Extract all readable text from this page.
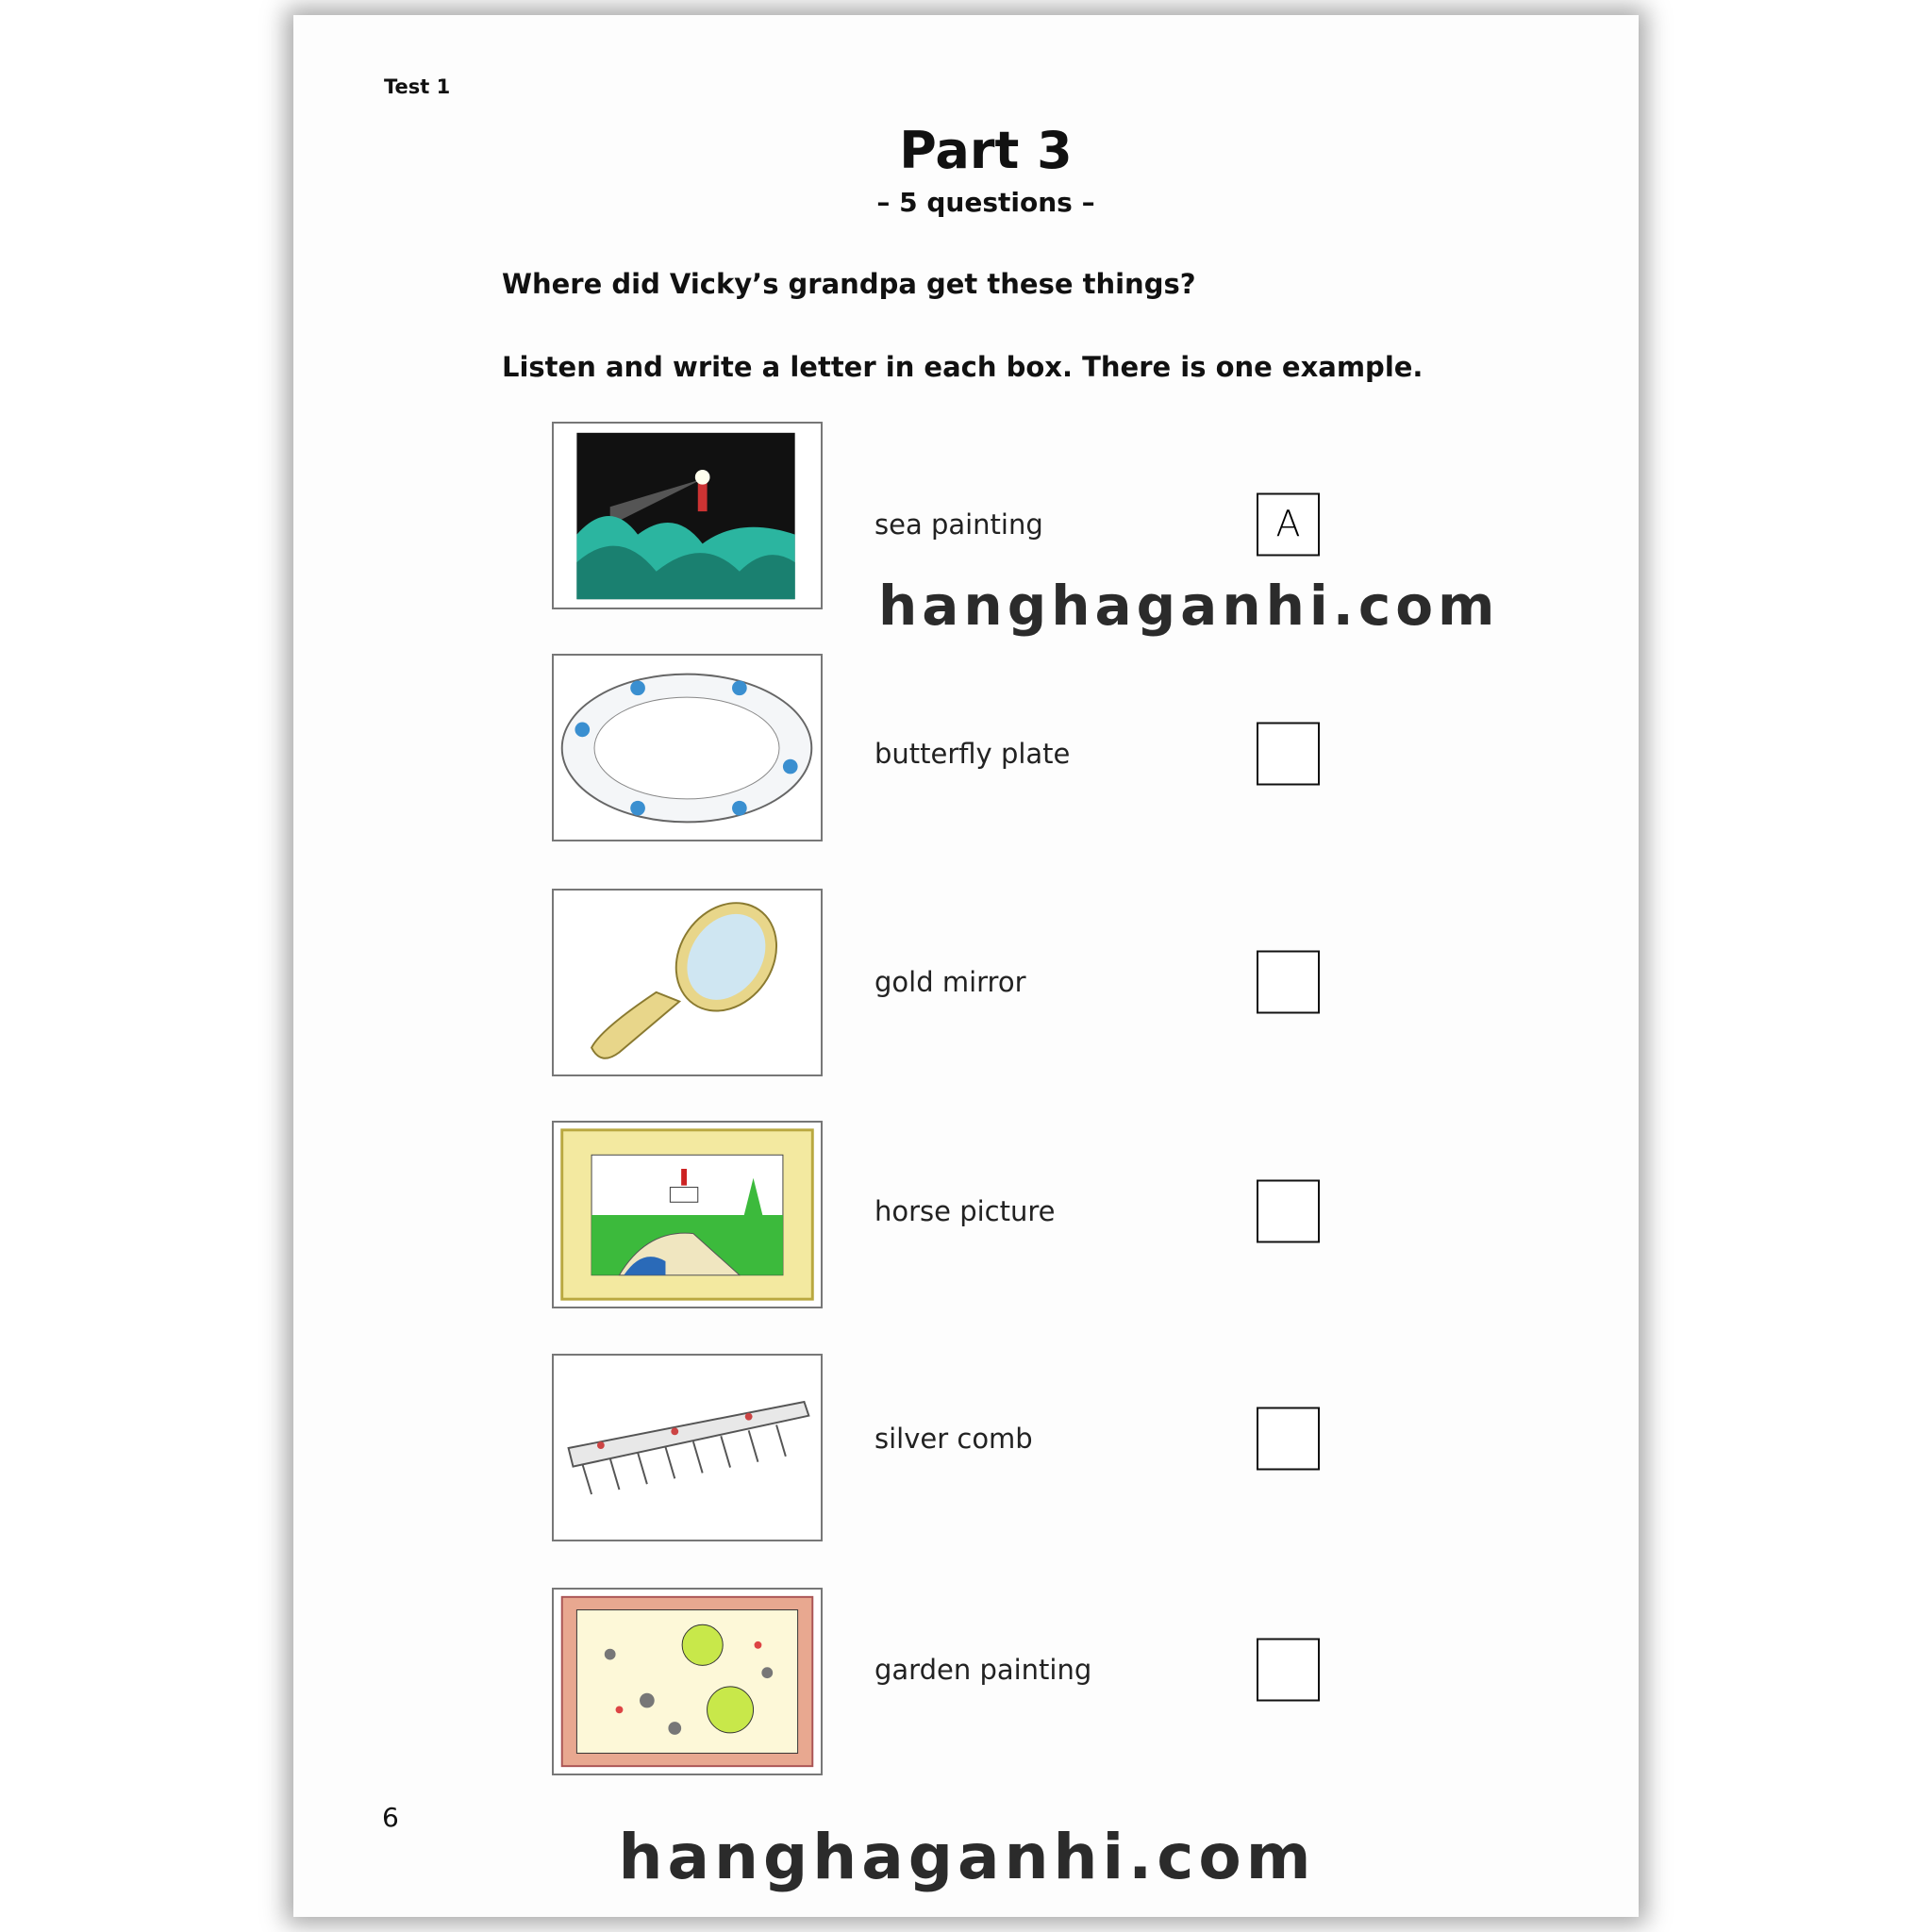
Test 1
Part 3
– 5 questions –
Where did Vicky’s grandpa get these things?
Listen and write a letter in each box. There is one example.
sea painting	A
butterfly plate
gold mirror
horse picture
silver comb
garden painting
hanghaganhi.com
6
hanghaganhi.com
